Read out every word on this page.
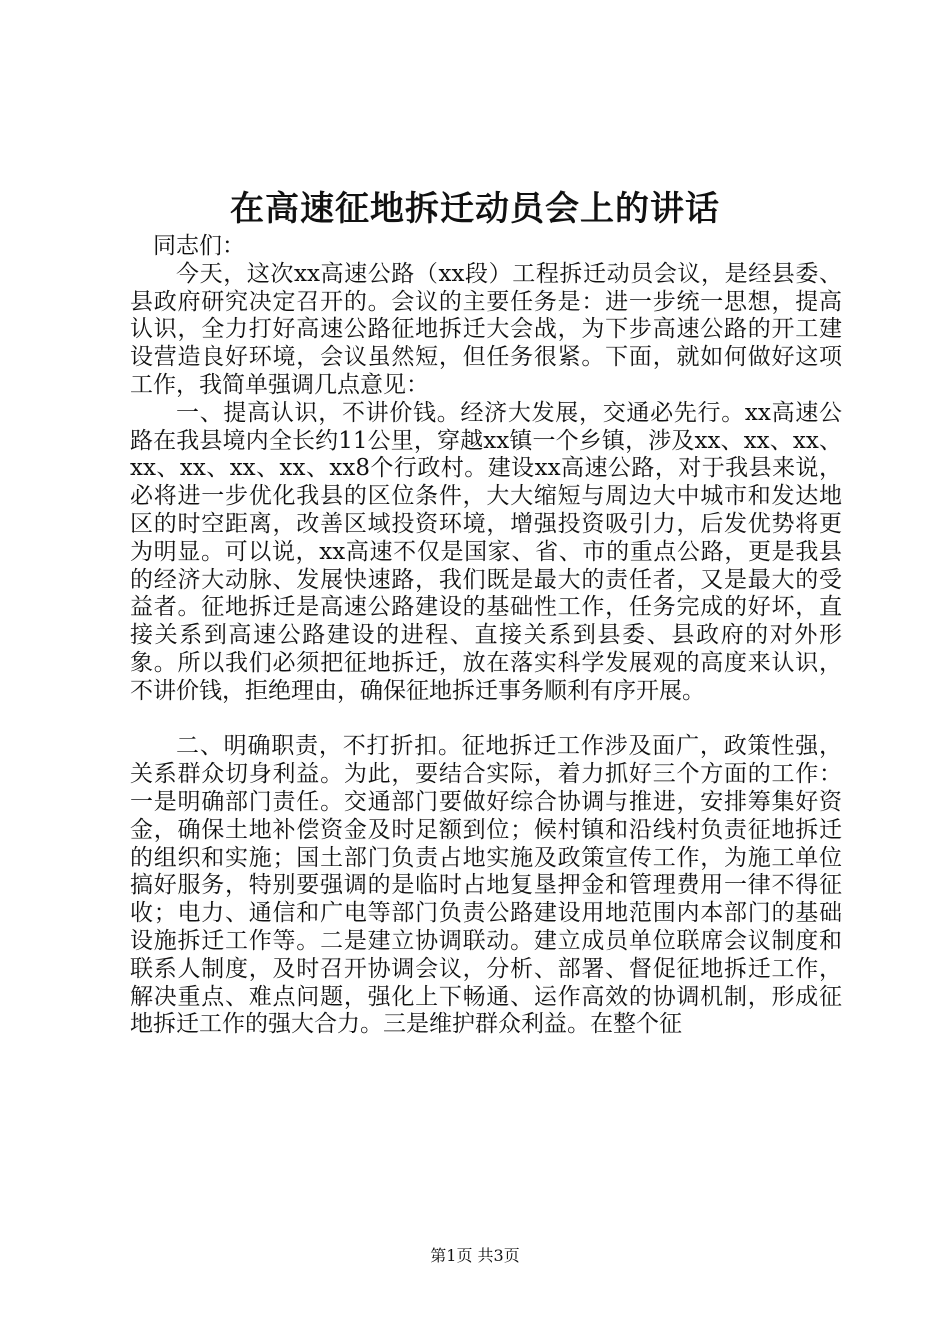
在高速征地拆迁动员会上的讲话

同志们：

今天，这次xx高速公路（xx段）工程拆迁动员会议，是经县委、县政府研究决定召开的。会议的主要任务是：进一步统一思想，提高认识，全力打好高速公路征地拆迁大会战，为下步高速公路的开工建设营造良好环境，会议虽然短，但任务很紧。下面，就如何做好这项工作，我简单强调几点意见：

一、提高认识，不讲价钱。经济大发展，交通必先行。xx高速公路在我县境内全长约11公里，穿越xx镇一个乡镇，涉及xx、xx、xx、xx、xx、xx、xx、xx8个行政村。建设xx高速公路，对于我县来说，必将进一步优化我县的区位条件，大大缩短与周边大中城市和发达地区的时空距离，改善区域投资环境，增强投资吸引力，后发优势将更为明显。可以说，xx高速不仅是国家、省、市的重点公路，更是我县的经济大动脉、发展快速路，我们既是最大的责任者，又是最大的受益者。征地拆迁是高速公路建设的基础性工作，任务完成的好坏，直接关系到高速公路建设的进程、直接关系到县委、县政府的对外形象。所以我们必须把征地拆迁，放在落实科学发展观的高度来认识，不讲价钱，拒绝理由，确保征地拆迁事务顺利有序开展。

二、明确职责，不打折扣。征地拆迁工作涉及面广，政策性强，关系群众切身利益。为此，要结合实际，着力抓好三个方面的工作：一是明确部门责任。交通部门要做好综合协调与推进，安排筹集好资金，确保土地补偿资金及时足额到位；候村镇和沿线村负责征地拆迁的组织和实施；国土部门负责占地实施及政策宣传工作，为施工单位搞好服务，特别要强调的是临时占地复垦押金和管理费用一律不得征收；电力、通信和广电等部门负责公路建设用地范围内本部门的基础设施拆迁工作等。二是建立协调联动。建立成员单位联席会议制度和联系人制度，及时召开协调会议，分析、部署、督促征地拆迁工作，解决重点、难点问题，强化上下畅通、运作高效的协调机制，形成征地拆迁工作的强大合力。三是维护群众利益。在整个征

第1页 共3页
